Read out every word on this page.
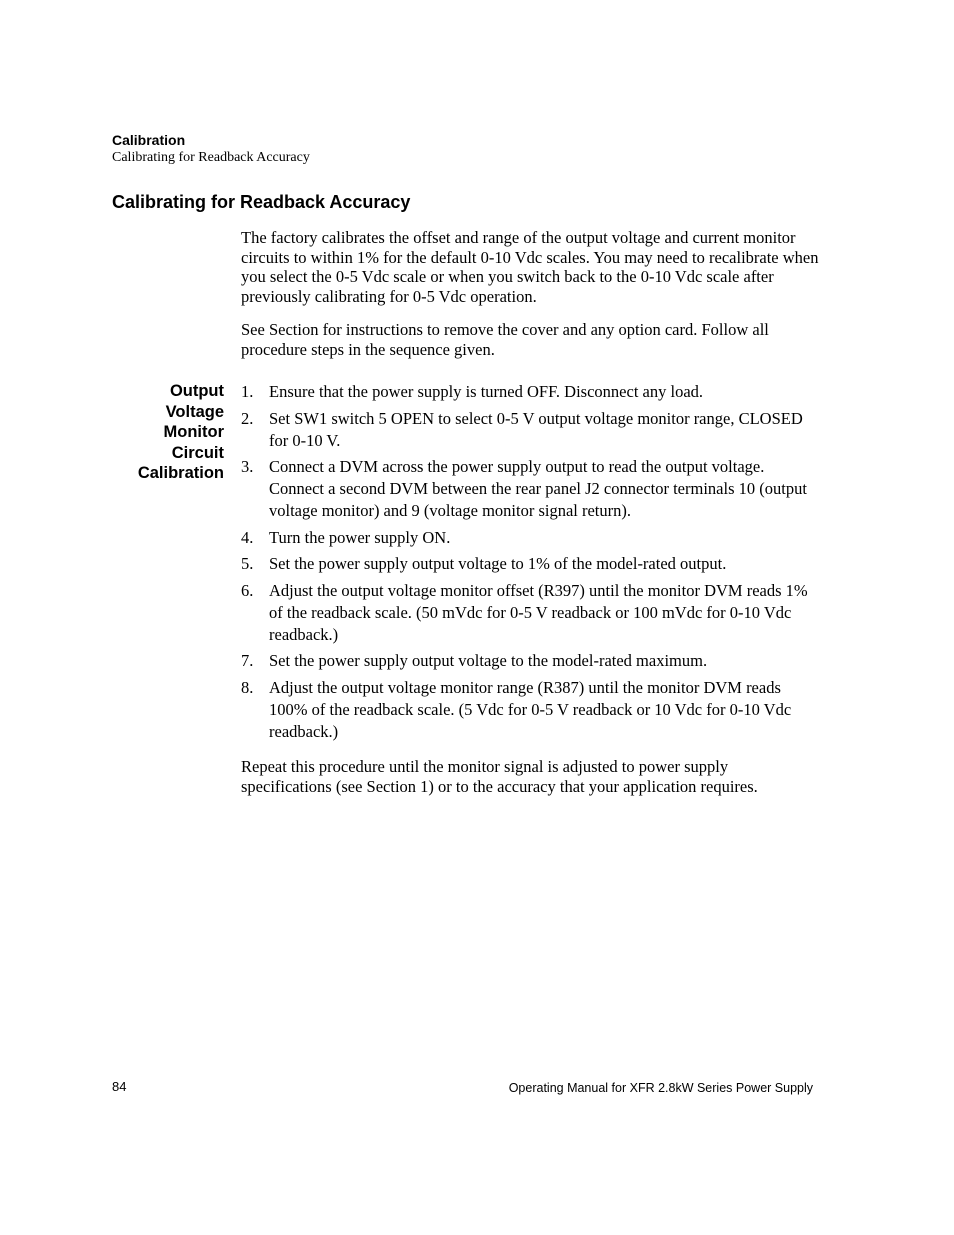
Calibration
Calibrating for Readback Accuracy
Calibrating for Readback Accuracy

The factory calibrates the offset and range of the output voltage and current monitor circuits to within 1% for the default 0-10 Vdc scales. You may need to recalibrate when you select the 0-5 Vdc scale or when you switch back to the 0-10 Vdc scale after previously calibrating for 0-5 Vdc operation.

See Section for instructions to remove the cover and any option card. Follow all procedure steps in the sequence given.

Output
Voltage
Monitor
Circuit
Calibration
1. Ensure that the power supply is turned OFF. Disconnect any load.
2. Set SW1 switch 5 OPEN to select 0-5 V output voltage monitor range, CLOSED for 0-10 V.
3. Connect a DVM across the power supply output to read the output voltage. Connect a second DVM between the rear panel J2 connector terminals 10 (output voltage monitor) and 9 (voltage monitor signal return).
4. Turn the power supply ON.
5. Set the power supply output voltage to 1% of the model-rated output.
6. Adjust the output voltage monitor offset (R397) until the monitor DVM reads 1% of the readback scale. (50 mVdc for 0-5 V readback or 100 mVdc for 0-10 Vdc readback.)
7. Set the power supply output voltage to the model-rated maximum.
8. Adjust the output voltage monitor range (R387) until the monitor DVM reads 100% of the readback scale. (5 Vdc for 0-5 V readback or 10 Vdc for 0-10 Vdc readback.)

Repeat this procedure until the monitor signal is adjusted to power supply specifications (see Section 1) or to the accuracy that your application requires.

84	Operating Manual for XFR 2.8kW Series Power Supply
